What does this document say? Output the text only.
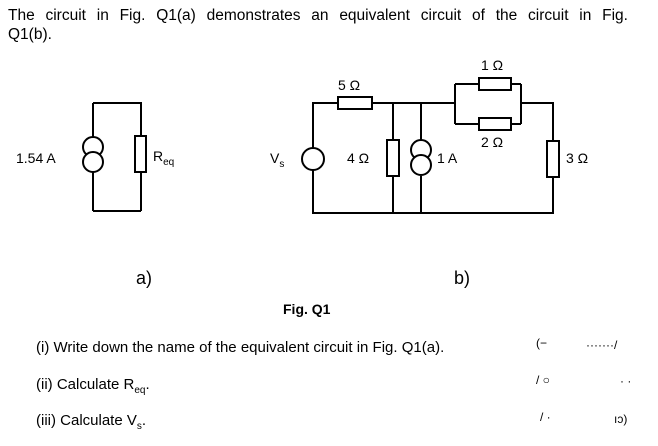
The circuit in Fig. Q1(a) demonstrates an equivalent circuit of the circuit in Fig.
Q1(b).
1.54 A	$R_{eq}$	$V_s$
5 Ω
4 Ω	1 A
1 Ω
2 Ω
3 Ω
a)	b)
Fig. Q1
(i) Write down the name of the equivalent circuit in Fig. Q1(a).
(ii) Calculate $R_{eq}$.
(iii) Calculate $V_s$.
(−	·······/
/ ○	· ·
/ ·	ıɔ)
